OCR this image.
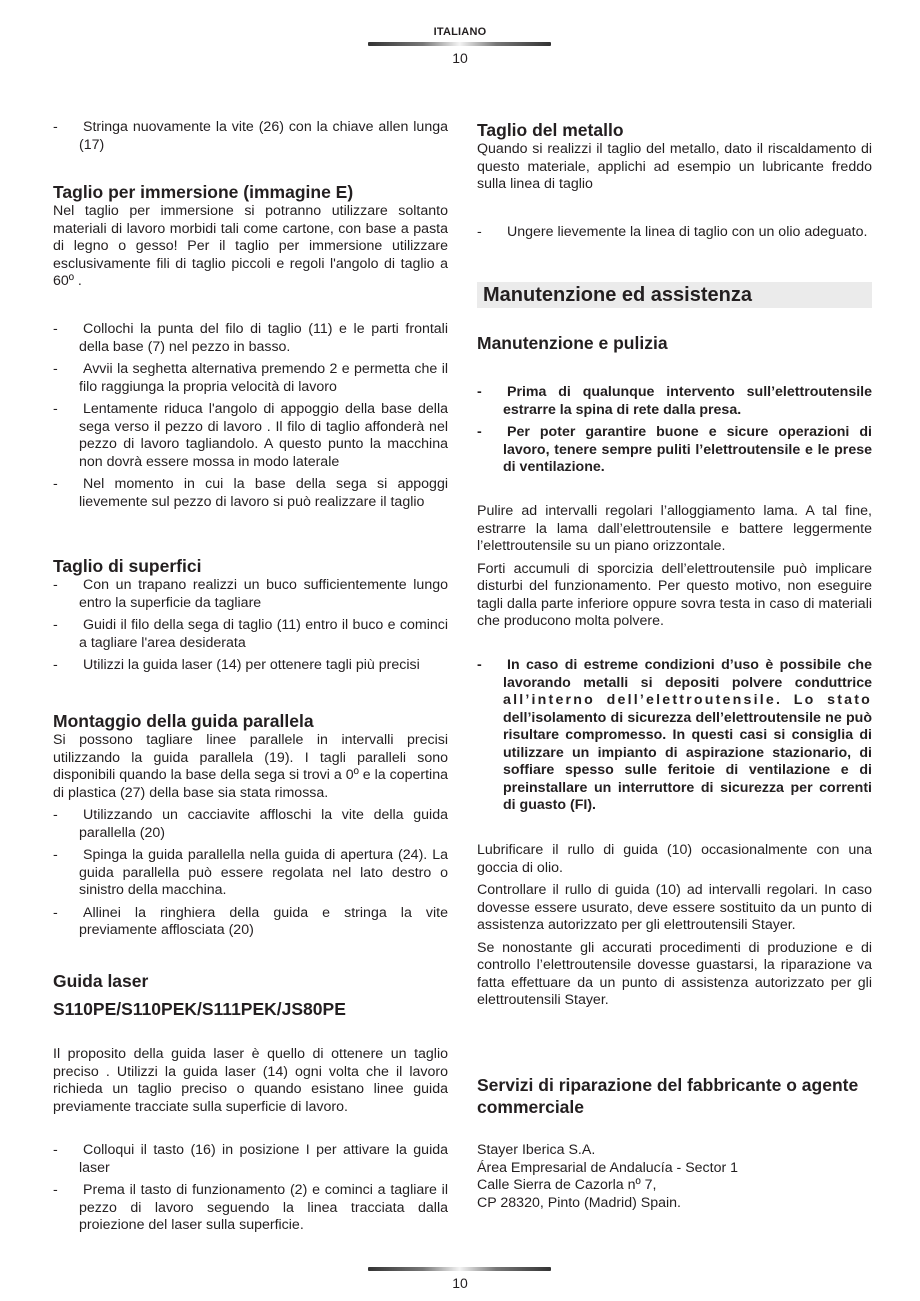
ITALIANO
10
- Stringa nuovamente la vite (26) con la chiave allen lunga (17)
Taglio per immersione (immagine E)

Nel taglio per immersione si potranno utilizzare soltanto materiali di lavoro morbidi tali come cartone, con base a pasta di legno o gesso! Per il taglio per immersione utilizzare esclusivamente fili di taglio piccoli e regoli l'angolo di taglio a 60º .

- Collochi la punta del filo di taglio (11) e le parti frontali della base (7) nel pezzo in basso.
- Avvii la seghetta alternativa premendo 2 e permetta che il filo raggiunga la propria velocità di lavoro
- Lentamente riduca l'angolo di appoggio della base della sega verso il pezzo di lavoro . Il filo di taglio affonderà nel pezzo di lavoro tagliandolo. A questo punto la macchina non dovrà essere mossa in modo laterale
- Nel momento in cui la base della sega si appoggi lievemente sul pezzo di lavoro si può realizzare il taglio
Taglio di superfici
- Con un trapano realizzi un buco sufficientemente lungo entro la superficie da tagliare
- Guidi il filo della sega di taglio (11) entro il buco e cominci a tagliare l'area desiderata
- Utilizzi la guida laser (14) per ottenere tagli più precisi
Montaggio della guida parallela

Si possono tagliare linee parallele in intervalli precisi utilizzando la guida parallela (19). I tagli paralleli sono disponibili quando la base della sega si trovi a 0º e la copertina di plastica (27) della base sia stata rimossa.

- Utilizzando un cacciavite affloschi la vite della guida parallella (20)
- Spinga la guida parallella nella guida di apertura (24). La guida parallella può essere regolata nel lato destro o sinistro della macchina.
- Allinei la ringhiera della guida e stringa la vite previamente afflosciata (20)
Guida laser
S110PE/S110PEK/S111PEK/JS80PE

Il proposito della guida laser è quello di ottenere un taglio preciso . Utilizzi la guida laser (14) ogni volta che il lavoro richieda un taglio preciso o quando esistano linee guida previamente tracciate sulla superficie di lavoro.

- Colloqui il tasto (16) in posizione I per attivare la guida laser
- Prema il tasto di funzionamento (2) e cominci a tagliare il pezzo di lavoro seguendo la linea tracciata dalla proiezione del laser sulla superficie.
Taglio del metallo

Quando si realizzi il taglio del metallo, dato il riscaldamento di questo materiale, applichi ad esempio un lubricante freddo sulla linea di taglio

- Ungere lievemente la linea di taglio con un olio adeguato.
Manutenzione ed assistenza
Manutenzione e pulizia
- Prima di qualunque intervento sull’elettroutensile estrarre la spina di rete dalla presa.
- Per poter garantire buone e sicure operazioni di lavoro, tenere sempre puliti l’elettroutensile e le prese di ventilazione.

Pulire ad intervalli regolari l’alloggiamento lama. A tal fine, estrarre la lama dall’elettroutensile e battere leggermente l’elettroutensile su un piano orizzontale.

Forti accumuli di sporcizia dell’elettroutensile può implicare disturbi del funzionamento. Per questo motivo, non eseguire tagli dalla parte inferiore oppure sovra testa in caso di materiali che producono molta polvere.

- In caso di estreme condizioni d’uso è possibile che lavorando metalli si depositi polvere conduttrice all’interno dell’elettroutensile. Lo stato dell’isolamento di sicurezza dell’elettroutensile ne può risultare compromesso. In questi casi si consiglia di utilizzare un impianto di aspirazione stazionario, di soffiare spesso sulle feritoie di ventilazione e di preinstallare un interruttore di sicurezza per correnti di guasto (FI).

Lubrificare il rullo di guida (10) occasionalmente con una goccia di olio.

Controllare il rullo di guida (10) ad intervalli regolari. In caso dovesse essere usurato, deve essere sostituito da un punto di assistenza autorizzato per gli elettroutensili Stayer.

Se nonostante gli accurati procedimenti di produzione e di controllo l’elettroutensile dovesse guastarsi, la riparazione va fatta effettuare da un punto di assistenza autorizzato per gli elettroutensili Stayer.

Servizi di riparazione del fabbricante o agente commerciale

Stayer Iberica S.A.

Área Empresarial de Andalucía - Sector 1

Calle Sierra de Cazorla nº 7,

CP 28320, Pinto (Madrid) Spain.

10
